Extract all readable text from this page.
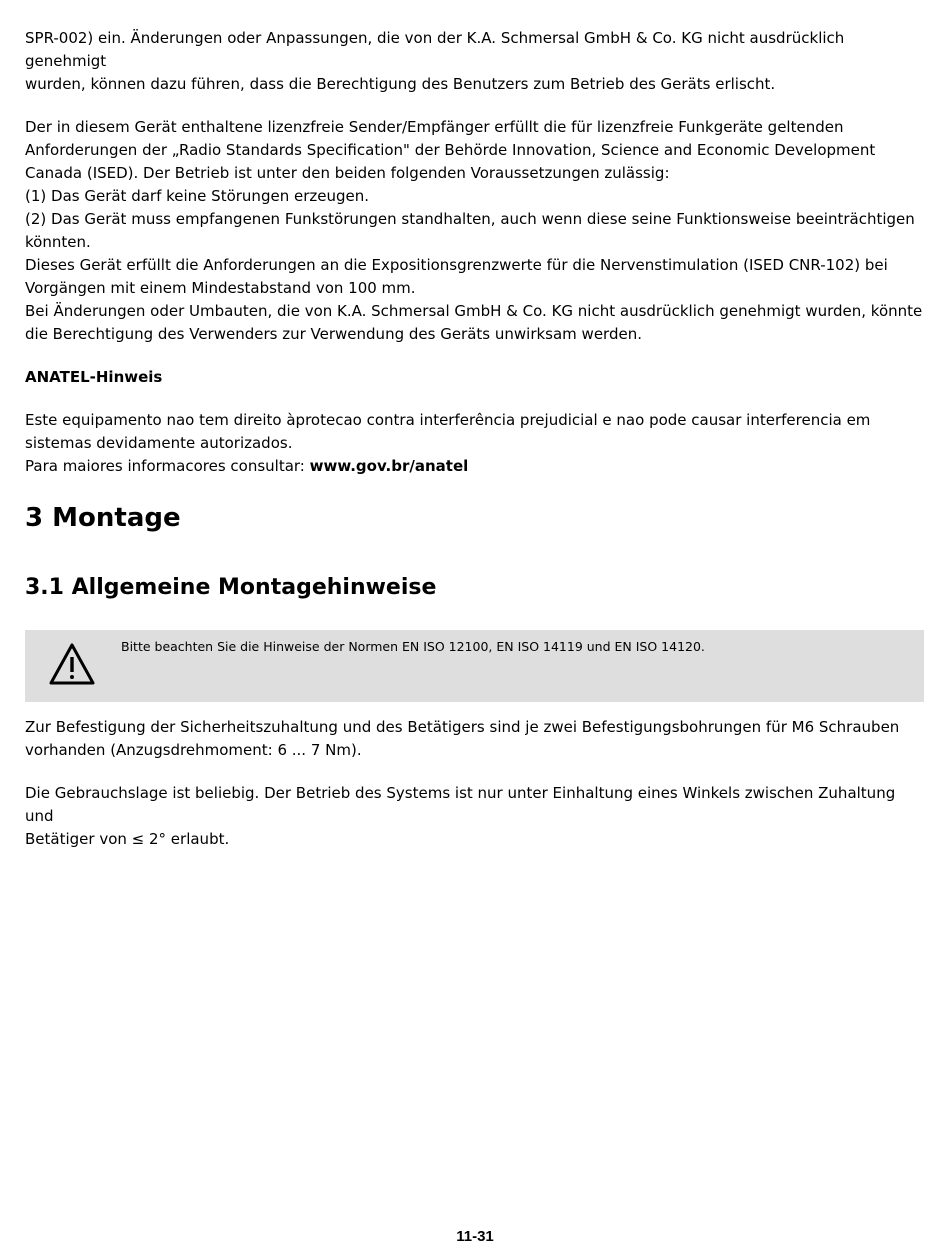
SPR-002) ein. Änderungen oder Anpassungen, die von der K.A. Schmersal GmbH & Co. KG nicht ausdrücklich genehmigt
wurden, können dazu führen, dass die Berechtigung des Benutzers zum Betrieb des Geräts erlischt.

Der in diesem Gerät enthaltene lizenzfreie Sender/Empfänger erfüllt die für lizenzfreie Funkgeräte geltenden
Anforderungen der „Radio Standards Specification" der Behörde Innovation, Science and Economic Development
Canada (ISED). Der Betrieb ist unter den beiden folgenden Voraussetzungen zulässig:
(1) Das Gerät darf keine Störungen erzeugen.
(2) Das Gerät muss empfangenen Funkstörungen standhalten, auch wenn diese seine Funktionsweise beeinträchtigen
könnten.
Dieses Gerät erfüllt die Anforderungen an die Expositionsgrenzwerte für die Nervenstimulation (ISED CNR-102) bei
Vorgängen mit einem Mindestabstand von 100 mm.
Bei Änderungen oder Umbauten, die von K.A. Schmersal GmbH & Co. KG nicht ausdrücklich genehmigt wurden, könnte
die Berechtigung des Verwenders zur Verwendung des Geräts unwirksam werden.

ANATEL-Hinweis

Este equipamento nao tem direito àprotecao contra interferência prejudicial e nao pode causar interferencia em
sistemas devidamente autorizados.
Para maiores informacores consultar: www.gov.br/anatel

3 Montage
3.1 Allgemeine Montagehinweise
Bitte beachten Sie die Hinweise der Normen EN ISO 12100, EN ISO 14119 und EN ISO 14120.

Zur Befestigung der Sicherheitszuhaltung und des Betätigers sind je zwei Befestigungsbohrungen für M6 Schrauben
vorhanden (Anzugsdrehmoment: 6 ... 7 Nm).

Die Gebrauchslage ist beliebig. Der Betrieb des Systems ist nur unter Einhaltung eines Winkels zwischen Zuhaltung und
Betätiger von ≤ 2° erlaubt.

11-31
